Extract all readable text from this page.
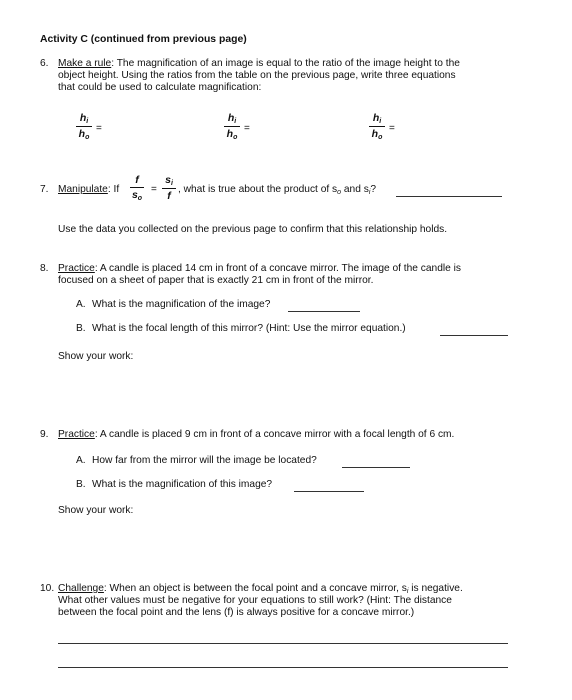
Activity C (continued from previous page)
6. Make a rule: The magnification of an image is equal to the ratio of the image height to the
object height. Using the ratios from the table on the previous page, write three equations
that could be used to calculate magnification:
$h_i$
$h_o$
=
$h_i$
$h_o$
=
$h_i$
$h_o$
=
7. Manipulate: If
f
$s_o$
=
$s_i$
f
, what is true about the product of $s_o$ and $s_i$?
Use the data you collected on the previous page to confirm that this relationship holds.
8. Practice: A candle is placed 14 cm in front of a concave mirror. The image of the candle is
focused on a sheet of paper that is exactly 21 cm in front of the mirror.
A. What is the magnification of the image?
B. What is the focal length of this mirror? (Hint: Use the mirror equation.)
Show your work:
9. Practice: A candle is placed 9 cm in front of a concave mirror with a focal length of 6 cm.
A. How far from the mirror will the image be located?
B. What is the magnification of this image?
Show your work:
10. Challenge: When an object is between the focal point and a concave mirror, $s_i$ is negative.
What other values must be negative for your equations to still work? (Hint: The distance
between the focal point and the lens (f) is always positive for a concave mirror.)
